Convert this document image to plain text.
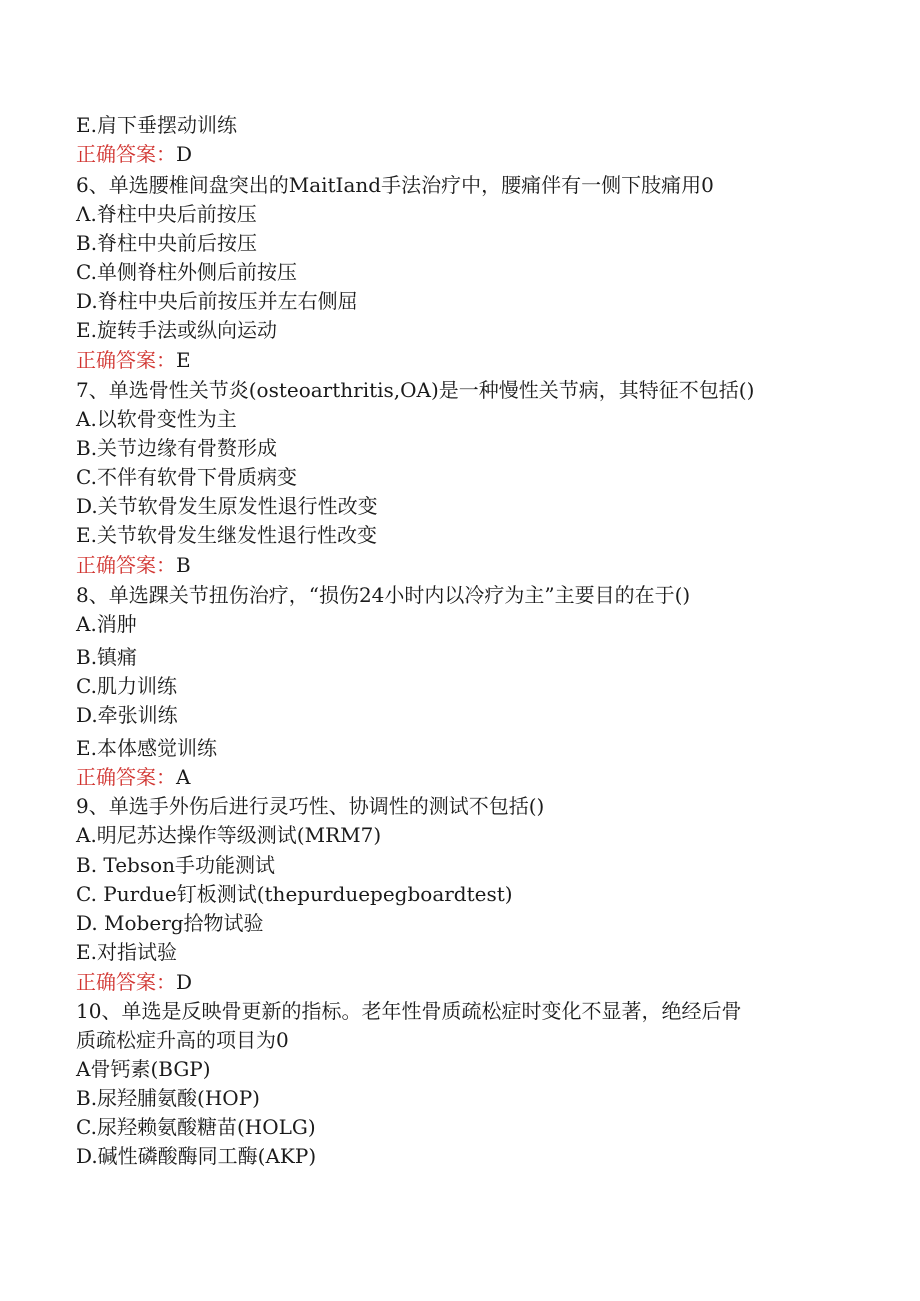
E.肩下垂摆动训练
正确答案：D
6、单选腰椎间盘突出的MaitIand手法治疗中，腰痛伴有一侧下肢痛用0
Λ.脊柱中央后前按压
B.脊柱中央前后按压
C.单侧脊柱外侧后前按压
D.脊柱中央后前按压并左右侧屈
E.旋转手法或纵向运动
正确答案：E
7、单选骨性关节炎(osteoarthritis,OA)是一种慢性关节病，其特征不包括()
A.以软骨变性为主
B.关节边缘有骨赘形成
C.不伴有软骨下骨质病变
D.关节软骨发生原发性退行性改变
E.关节软骨发生继发性退行性改变
正确答案：B
8、单选踝关节扭伤治疗，“损伤24小时内以冷疗为主”主要目的在于()
A.消肿
B.镇痛
C.肌力训练
D.牵张训练
E.本体感觉训练
正确答案：A
9、单选手外伤后进行灵巧性、协调性的测试不包括()
A.明尼苏达操作等级测试(MRM7)
B. Tebson手功能测试
C. Purdue钉板测试(thepurduepegboardtest)
D. Moberg拾物试验
E.对指试验
正确答案：D
10、单选是反映骨更新的指标。老年性骨质疏松症时变化不显著，绝经后骨
质疏松症升高的项目为0
A骨钙素(BGP)
B.尿羟脯氨酸(HOP)
C.尿羟赖氨酸糖苗(HOLG)
D.碱性磷酸酶同工酶(AKP)
